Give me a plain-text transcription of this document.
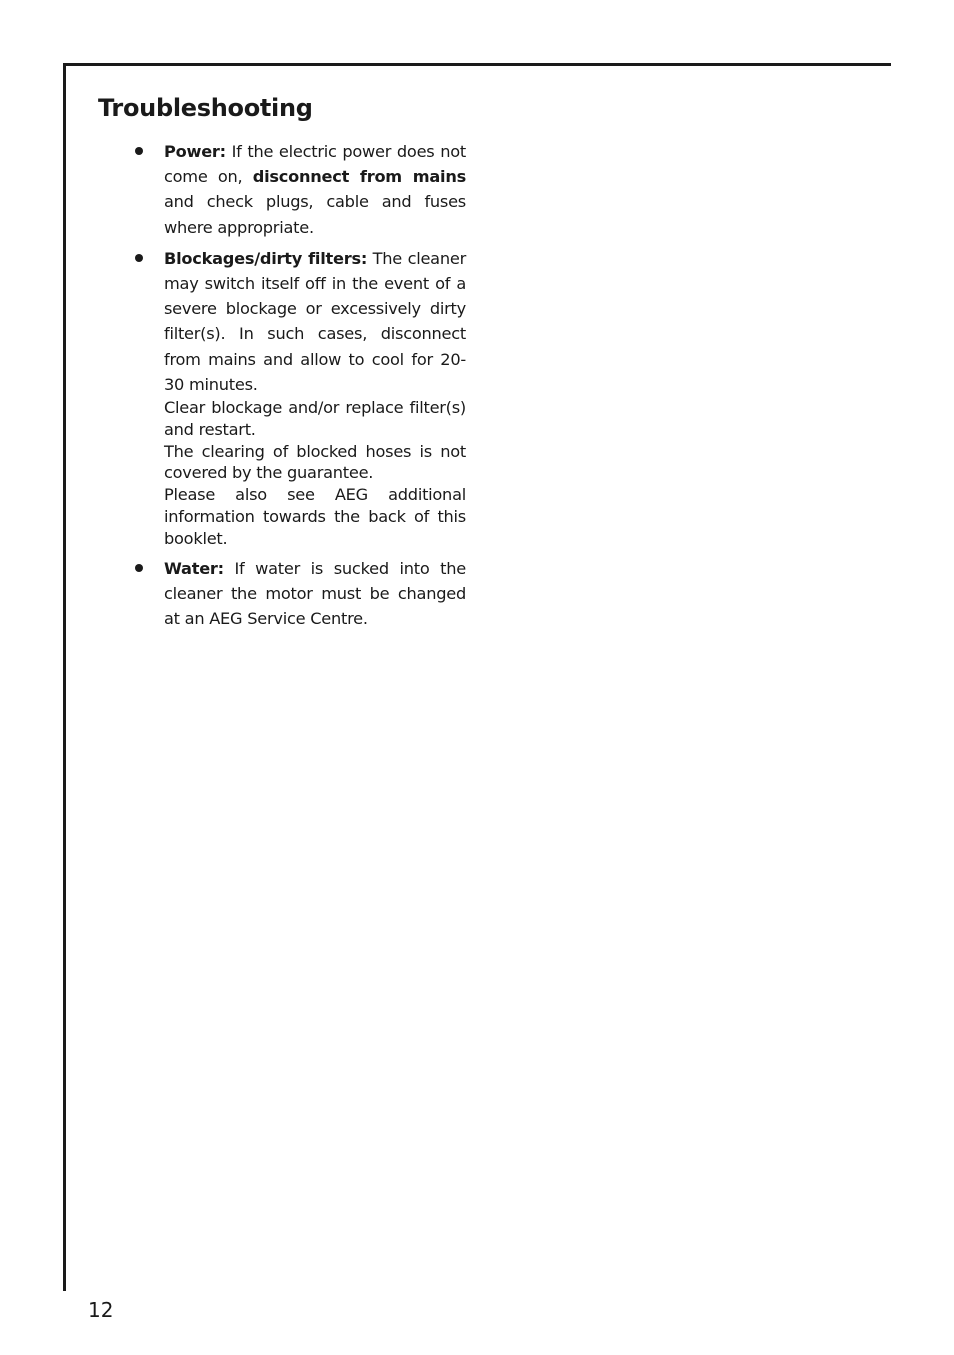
Troubleshooting

Power: If the electric power does not come on, disconnect from mains and check plugs, cable and fuses where appropriate.

Blockages/dirty filters: The cleaner may switch itself off in the event of a severe blockage or excessively dirty filter(s). In such cases, disconnect from mains and allow to cool for 20-30 minutes.

Clear blockage and/or replace filter(s) and restart.

The clearing of blocked hoses is not covered by the guarantee.

Please also see AEG additional information towards the back of this booklet.

Water: If water is sucked into the cleaner the motor must be changed at an AEG Service Centre.

12
